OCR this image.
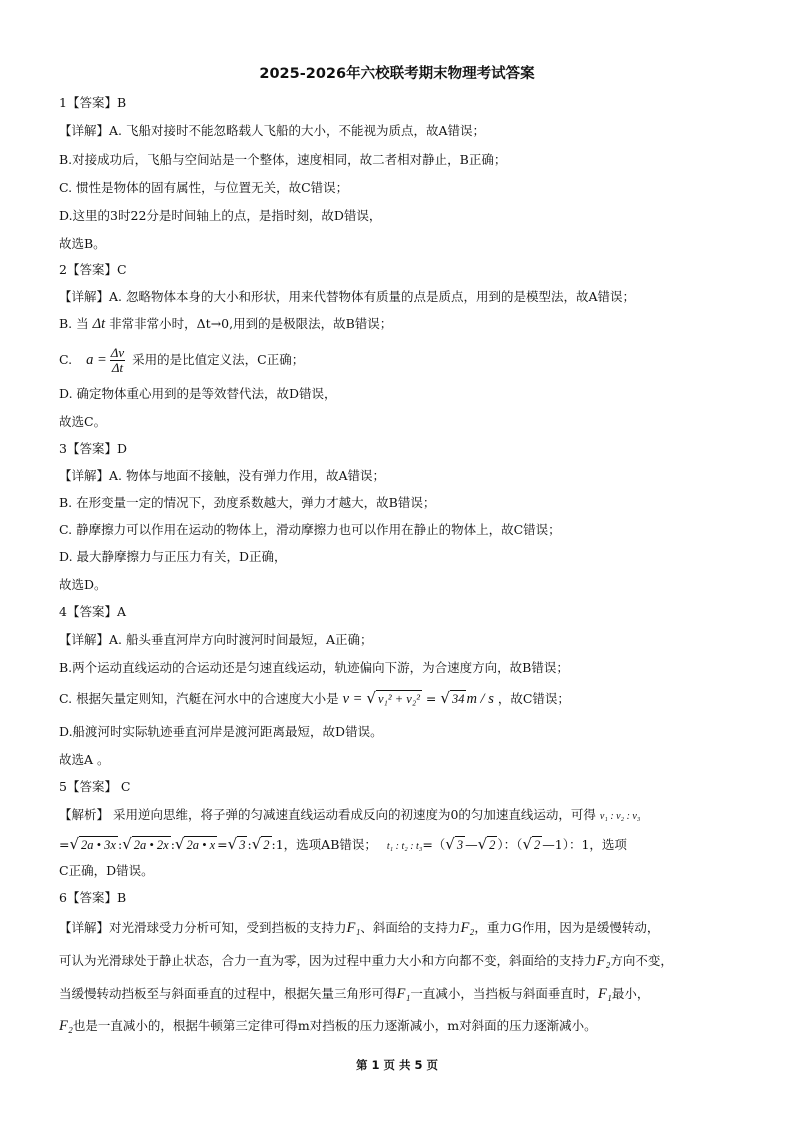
2025-2026年六校联考期末物理考试答案
1【答案】B
【详解】A. 飞船对接时不能忽略载人飞船的大小，不能视为质点，故A错误；
B.对接成功后，飞船与空间站是一个整体，速度相同，故二者相对静止，B正确；
C. 惯性是物体的固有属性，与位置无关，故C错误；
D.这里的3时22分是时间轴上的点，是指时刻，故D错误，
故选B。
2【答案】C
【详解】A. 忽略物体本身的大小和形状，用来代替物体有质量的点是质点，用到的是模型法，故A错误；
B. 当 Δt 非常非常小时，Δt→0,用到的是极限法，故B错误；
C. $a = \frac{\Delta v}{\Delta t}$ 采用的是比值定义法，C正确；
D. 确定物体重心用到的是等效替代法，故D错误，
故选C。
3【答案】D
【详解】A. 物体与地面不接触，没有弹力作用，故A错误；
B. 在形变量一定的情况下，劲度系数越大，弹力才越大，故B错误；
C. 静摩擦力可以作用在运动的物体上，滑动摩擦力也可以作用在静止的物体上，故C错误；
D. 最大静摩擦力与正压力有关，D正确，
故选D。
4【答案】A
【详解】A. 船头垂直河岸方向时渡河时间最短，A正确；
B.两个运动直线运动的合运动还是匀速直线运动，轨迹偏向下游，为合速度方向，故B错误；
C. 根据矢量定则知，汽艇在河水中的合速度大小是 v = √ v₁² + v₂² = √ 34 m / s ，故C错误；
D.船渡河时实际轨迹垂直河岸是渡河距离最短，故D错误。
故选A 。
5【答案】 C
【解析】 采用逆向思维，将子弹的匀减速直线运动看成反向的初速度为0的匀加速直线运动，可得 v₁ : v₂ : v₃
=√ 2a • 3x :√ 2a • 2x :√ 2a • x =√ 3 :√ 2 :1，选项AB错误； t₁ : t₂ : t₃=（√ 3 —√ 2 ）：（√ 2 —1）：1，选项
C正确，D错误。
6【答案】B
【详解】对光滑球受力分析可知，受到挡板的支持力F₁、斜面给的支持力F₂，重力G作用，因为是缓慢转动，
可认为光滑球处于静止状态，合力一直为零，因为过程中重力大小和方向都不变，斜面给的支持力F₂方向不变，
当缓慢转动挡板至与斜面垂直的过程中，根据矢量三角形可得F₁一直减小，当挡板与斜面垂直时，F₁最小，
F₂也是一直减小的，根据牛顿第三定律可得m对挡板的压力逐渐减小，m对斜面的压力逐渐减小。
第 1 页 共 5 页
